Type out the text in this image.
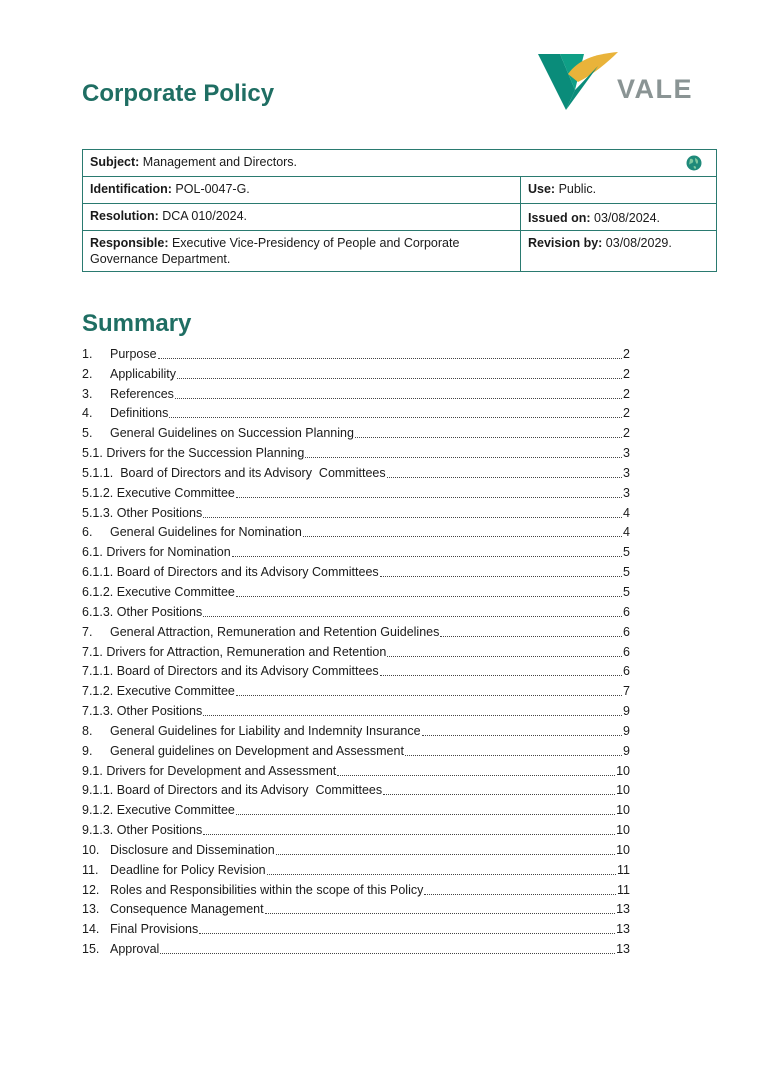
Corporate Policy	VALE
Subject: Management and Directors.	

Identification: POL-0047-G.	Use: Public.
Resolution: DCA 010/2024.	Issued on: 03/08/2024.
Responsible: Executive Vice-Presidency of People and Corporate Governance Department.	Revision by: 03/08/2029.
Summary
1.	Purpose	2
2.	Applicability	2
3.	References	2
4.	Definitions	2
5.	General Guidelines on Succession Planning	2
5.1. Drivers for the Succession Planning	3
5.1.1.  Board of Directors and its Advisory  Committees	3
5.1.2. Executive Committee	3
5.1.3. Other Positions	4
6.	General Guidelines for Nomination	4
6.1. Drivers for Nomination	5
6.1.1. Board of Directors and its Advisory Committees	5
6.1.2. Executive Committee	5
6.1.3. Other Positions	6
7.	General Attraction, Remuneration and Retention Guidelines	6
7.1. Drivers for Attraction, Remuneration and Retention	6
7.1.1. Board of Directors and its Advisory Committees	6
7.1.2. Executive Committee	7
7.1.3. Other Positions	9
8.	General Guidelines for Liability and Indemnity Insurance	9
9.	General guidelines on Development and Assessment	9
9.1. Drivers for Development and Assessment	10
9.1.1. Board of Directors and its Advisory  Committees	10
9.1.2. Executive Committee	10
9.1.3. Other Positions	10
10. Disclosure and Dissemination	10
11. Deadline for Policy Revision	11
12. Roles and Responsibilities within the scope of this Policy	11
13. Consequence Management	13
14. Final Provisions	13
15. Approval	13
